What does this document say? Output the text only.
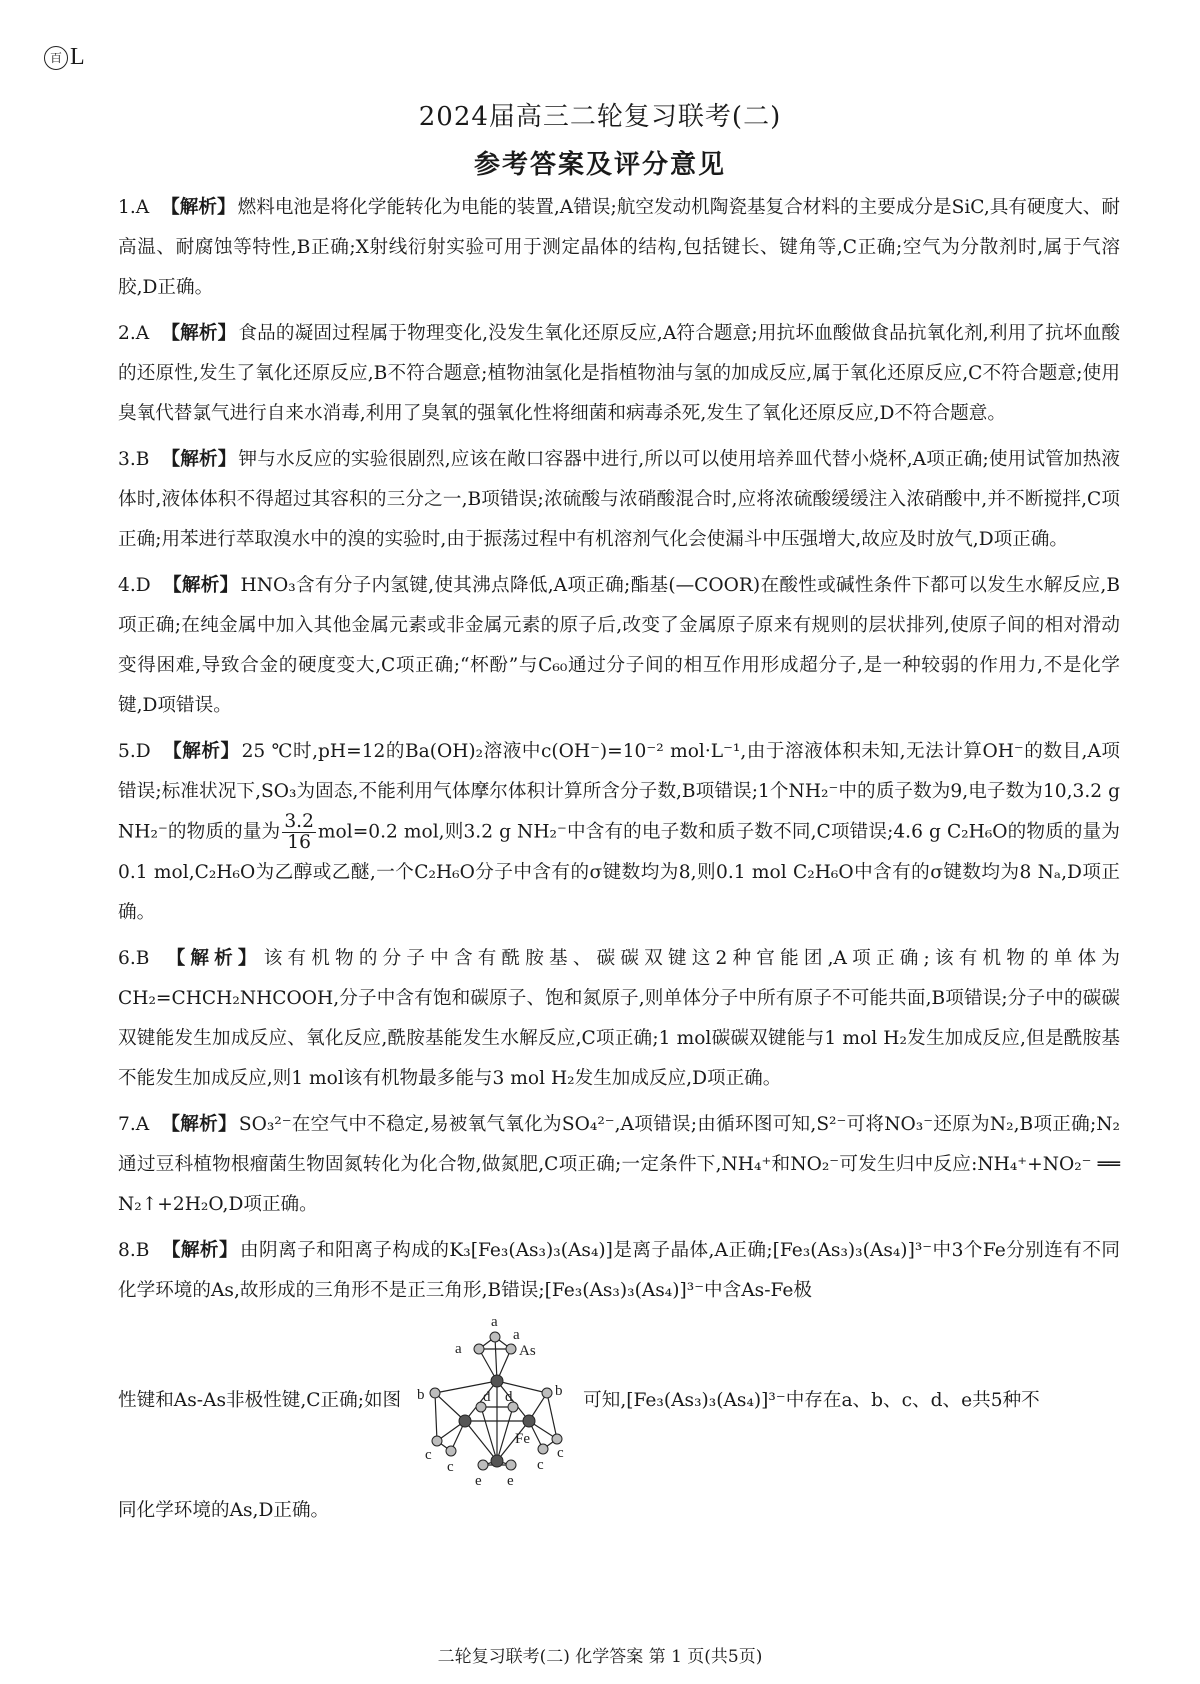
百 L
2024届高三二轮复习联考(二)
参考答案及评分意见

1.A 【解析】 燃料电池是将化学能转化为电能的装置,A错误;航空发动机陶瓷基复合材料的主要成分是SiC,具有硬度大、耐高温、耐腐蚀等特性,B正确;X射线衍射实验可用于测定晶体的结构,包括键长、键角等,C正确;空气为分散剂时,属于气溶胶,D正确。

2.A 【解析】 食品的凝固过程属于物理变化,没发生氧化还原反应,A符合题意;用抗坏血酸做食品抗氧化剂,利用了抗坏血酸的还原性,发生了氧化还原反应,B不符合题意;植物油氢化是指植物油与氢的加成反应,属于氧化还原反应,C不符合题意;使用臭氧代替氯气进行自来水消毒,利用了臭氧的强氧化性将细菌和病毒杀死,发生了氧化还原反应,D不符合题意。

3.B 【解析】 钾与水反应的实验很剧烈,应该在敞口容器中进行,所以可以使用培养皿代替小烧杯,A项正确;使用试管加热液体时,液体体积不得超过其容积的三分之一,B项错误;浓硫酸与浓硝酸混合时,应将浓硫酸缓缓注入浓硝酸中,并不断搅拌,C项正确;用苯进行萃取溴水中的溴的实验时,由于振荡过程中有机溶剂气化会使漏斗中压强增大,故应及时放气,D项正确。

4.D 【解析】 HNO₃含有分子内氢键,使其沸点降低,A项正确;酯基(—COOR)在酸性或碱性条件下都可以发生水解反应,B项正确;在纯金属中加入其他金属元素或非金属元素的原子后,改变了金属原子原来有规则的层状排列,使原子间的相对滑动变得困难,导致合金的硬度变大,C项正确;“杯酚”与C₆₀通过分子间的相互作用形成超分子,是一种较弱的作用力,不是化学键,D项错误。

5.D 【解析】 25 ℃时,pH=12的Ba(OH)₂溶液中c(OH⁻)=10⁻² mol·L⁻¹,由于溶液体积未知,无法计算OH⁻的数目,A项错误;标准状况下,SO₃为固态,不能利用气体摩尔体积计算所含分子数,B项错误;1个NH₂⁻中的质子数为9,电子数为10,3.2 g NH₂⁻的物质的量为 $\frac{3.2}{16} mol=0.2$ mol,则3.2 g NH₂⁻中含有的电子数和质子数不同,C项错误;4.6 g C₂H₆O的物质的量为0.1 mol,C₂H₆O为乙醇或乙醚,一个C₂H₆O分子中含有的σ键数均为8,则0.1 mol C₂H₆O中含有的σ键数均为8 Nₐ,D项正确。

6.B 【解析】 该有机物的分子中含有酰胺基、碳碳双键这2种官能团,A项正确;该有机物的单体为CH₂=CHCH₂NHCOOH,分子中含有饱和碳原子、饱和氮原子,则单体分子中所有原子不可能共面,B项错误;分子中的碳碳双键能发生加成反应、氧化反应,酰胺基能发生水解反应,C项正确;1 mol碳碳双键能与1 mol H₂发生加成反应,但是酰胺基不能发生加成反应,则1 mol该有机物最多能与3 mol H₂发生加成反应,D项正确。

7.A 【解析】 SO₃²⁻在空气中不稳定,易被氧气氧化为SO₄²⁻,A项错误;由循环图可知,S²⁻可将NO₃⁻还原为N₂,B项正确;N₂通过豆科植物根瘤菌生物固氮转化为化合物,做氮肥,C项正确;一定条件下,NH₄⁺和NO₂⁻可发生归中反应:NH₄⁺+NO₂⁻ ══ N₂↑+2H₂O,D项正确。

8.B 【解析】 由阴离子和阳离子构成的K₃[Fe₃(As₃)₃(As₄)]是离子晶体,A正确;[Fe₃(As₃)₃(As₄)]³⁻中3个Fe分别连有不同化学环境的As,故形成的三角形不是正三角形,B错误;[Fe₃(As₃)₃(As₄)]³⁻中含As-Fe极
性键和As-As非极性键,C正确;如图
a
a
a
As
b	b
d d
c
c
c
c
Fe
e e
可知,[Fe₃(As₃)₃(As₄)]³⁻中存在a、b、c、d、e共5种不
同化学环境的As,D正确。
二轮复习联考(二) 化学答案 第 1 页(共5页)
